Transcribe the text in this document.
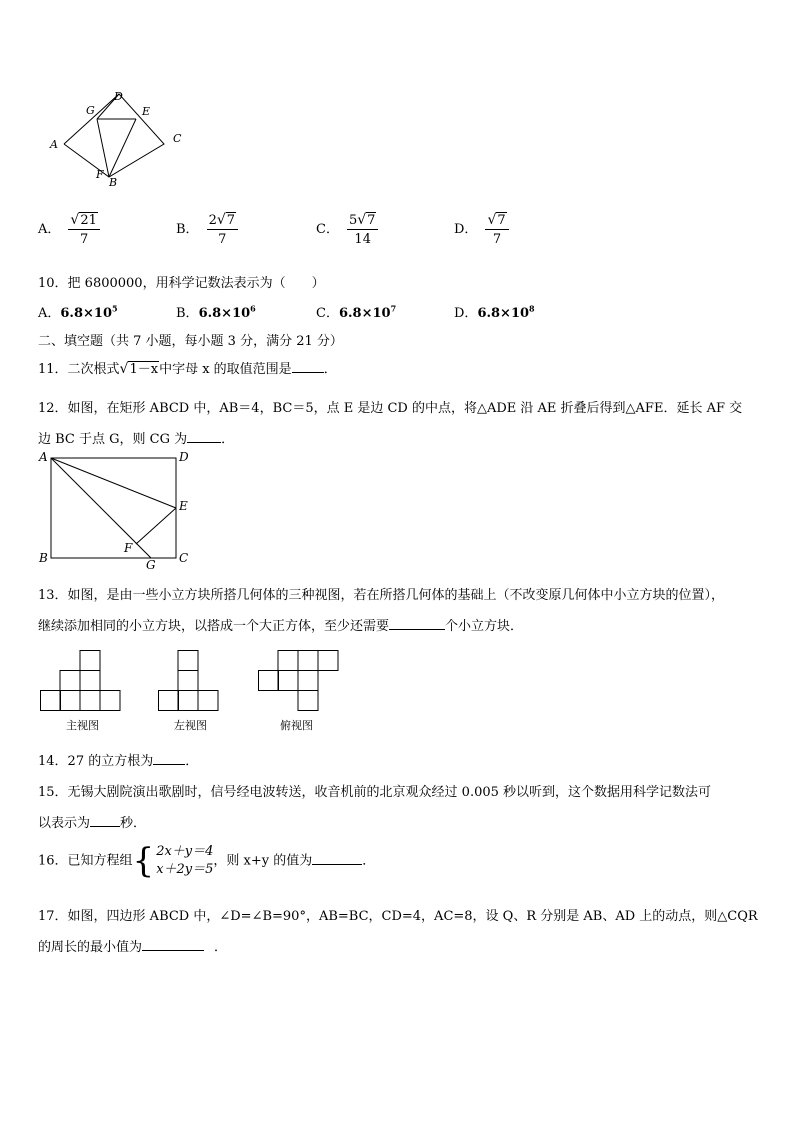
A
G
D
E
C
F
B
A． $\frac{√21}{7}$	B． $\frac{2√7}{7}$	C． $\frac{5√7}{14}$	D． $\frac{√7}{7}$
10．把 6800000，用科学记数法表示为（　　）
A．$6.8\times 10^5$	B．$6.8\times 10^6$	C．$6.8\times 10^7$	D．$6.8\times 10^8$
二、填空题（共 7 小题，每小题 3 分，满分 21 分）
11．二次根式√1－x中字母 x 的取值范围是 ．
12．如图，在矩形 ABCD 中，AB＝4，BC＝5，点 E 是边 CD 的中点，将△ADE 沿 AE 折叠后得到△AFE．延长 AF 交
边 BC 于点 G，则 CG 为	．
A	D
E
B
F
G C
13．如图，是由一些小立方块所搭几何体的三种视图，若在所搭几何体的基础上（不改变原几何体中小立方块的位置），
继续添加相同的小立方块，以搭成一个大正方体，至少还需要	个小立方块．
主视图	左视图	俯视图
14．27 的立方根为 ．
15．无锡大剧院演出歌剧时，信号经电波转送，收音机前的北京观众经过 0.005 秒以听到，这个数据用科学记数法可
以表示为 秒．
16．已知方程组 { 2x＋y＝4
x＋2y＝5
，则 x+y 的值为	．
17．如图，四边形 ABCD 中，∠D=∠B=90°，AB=BC，CD=4，AC=8，设 Q、R 分别是 AB、AD 上的动点，则△CQR
的周长的最小值为	．
